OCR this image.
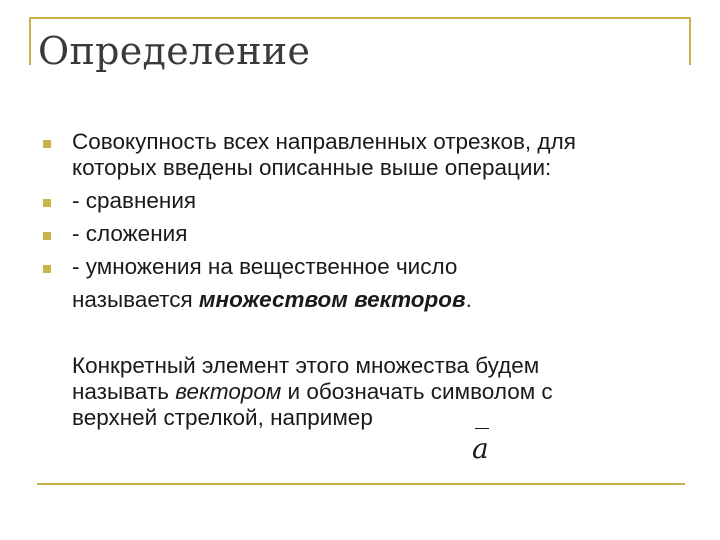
Определение
Совокупность всех направленных отрезков, для
которых введены описанные выше операции:
- сравнения
- сложения
- умножения на вещественное число
называется множеством векторов.
Конкретный элемент этого множества будем
называть вектором и обозначать символом с
верхней стрелкой, например
a
